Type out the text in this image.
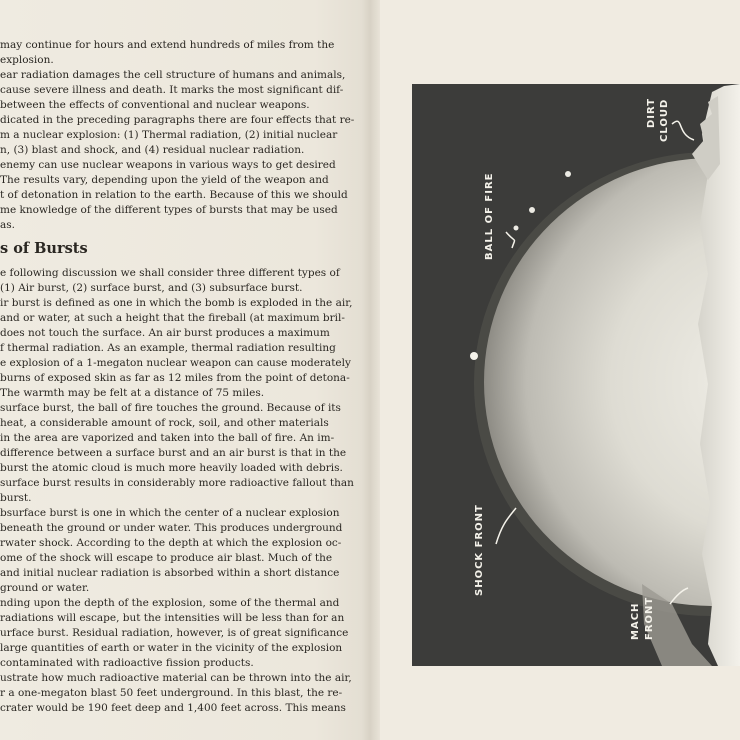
may continue for hours and extend hundreds of miles from the
explosion.
ear radiation damages the cell structure of humans and animals,
cause severe illness and death. It marks the most significant dif-
between the effects of conventional and nuclear weapons.
dicated in the preceding paragraphs there are four effects that re-
m a nuclear explosion: (1) Thermal radiation, (2) initial nuclear
n, (3) blast and shock, and (4) residual nuclear radiation.
enemy can use nuclear weapons in various ways to get desired
The results vary, depending upon the yield of the weapon and
t of detonation in relation to the earth. Because of this we should
me knowledge of the different types of bursts that may be used
as.
s of Bursts
e following discussion we shall consider three different types of
(1) Air burst, (2) surface burst, and (3) subsurface burst.
ir burst is defined as one in which the bomb is exploded in the air,
and or water, at such a height that the fireball (at maximum bril-
does not touch the surface. An air burst produces a maximum
f thermal radiation. As an example, thermal radiation resulting
e explosion of a 1-megaton nuclear weapon can cause moderately
burns of exposed skin as far as 12 miles from the point of detona-
The warmth may be felt at a distance of 75 miles.
surface burst, the ball of fire touches the ground. Because of its
heat, a considerable amount of rock, soil, and other materials
in the area are vaporized and taken into the ball of fire. An im-
difference between a surface burst and an air burst is that in the
burst the atomic cloud is much more heavily loaded with debris.
surface burst results in considerably more radioactive fallout than
burst.
bsurface burst is one in which the center of a nuclear explosion
beneath the ground or under water. This produces underground
rwater shock. According to the depth at which the explosion oc-
ome of the shock will escape to produce air blast. Much of the
and initial nuclear radiation is absorbed within a short distance
ground or water.
nding upon the depth of the explosion, some of the thermal and
radiations will escape, but the intensities will be less than for an
urface burst. Residual radiation, however, is of great significance
large quantities of earth or water in the vicinity of the explosion
contaminated with radioactive fission products.
ustrate how much radioactive material can be thrown into the air,
r a one-megaton blast 50 feet underground. In this blast, the re-
crater would be 190 feet deep and 1,400 feet across. This means
BALL OF FIRE
DIRT CLOUD
SHOCK FRONT
MACH FRONT
